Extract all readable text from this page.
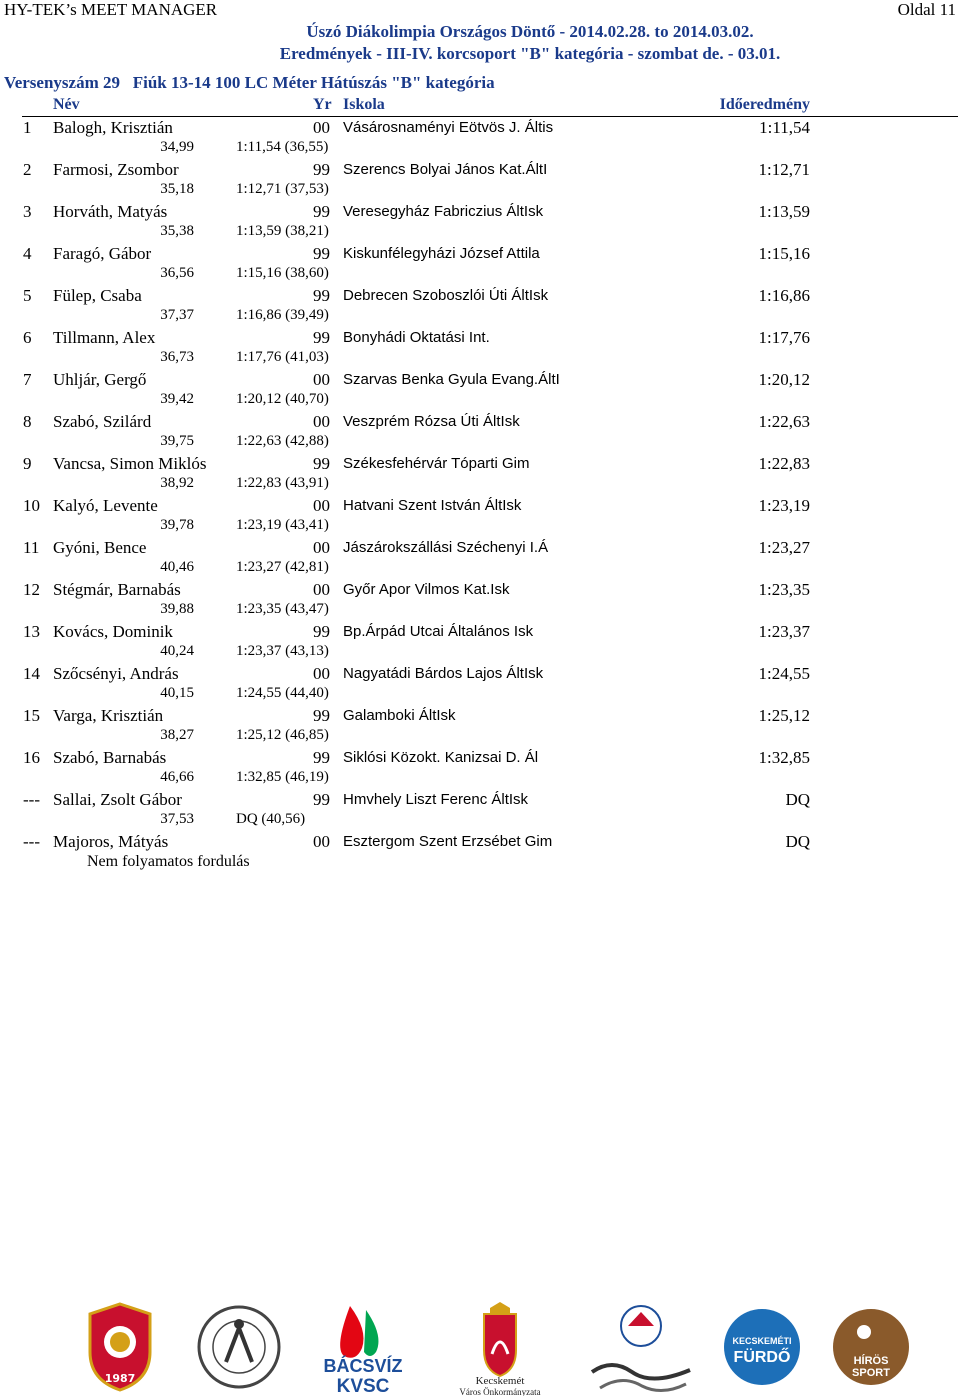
HY-TEK’s MEET MANAGER	Oldal 11
Úszó Diákolimpia Országos Döntő - 2014.02.28. to 2014.03.02.
Eredmények - III-IV. korcsoport "B" kategória - szombat de. - 03.01.
Versenyszám 29   Fiúk 13-14 100 LC Méter Hátúszás "B" kategória
Név	Yr Iskola	Időeredmény
1	Balogh, Krisztián	00 Vásárosnaményi Eötvös J. Áltis	1:11,54
34,99	1:11,54 (36,55)
2	Farmosi, Zsombor	99 Szerencs Bolyai János Kat.ÁltI	1:12,71
35,18	1:12,71 (37,53)
3	Horváth, Matyás	99 Veresegyház Fabriczius ÁltIsk	1:13,59
35,38	1:13,59 (38,21)
4	Faragó, Gábor	99 Kiskunfélegyházi József Attila	1:15,16
36,56	1:15,16 (38,60)
5	Fülep, Csaba	99 Debrecen Szoboszlói Úti ÁltIsk	1:16,86
37,37	1:16,86 (39,49)
6	Tillmann, Alex	99 Bonyhádi Oktatási Int.	1:17,76
36,73	1:17,76 (41,03)
7	Uhljár, Gergő	00 Szarvas Benka Gyula Evang.ÁltI	1:20,12
39,42	1:20,12 (40,70)
8	Szabó, Szilárd	00 Veszprém Rózsa Úti ÁltIsk	1:22,63
39,75	1:22,63 (42,88)
9	Vancsa, Simon Miklós	99 Székesfehérvár Tóparti Gim	1:22,83
38,92	1:22,83 (43,91)
10 Kalyó, Levente	00 Hatvani Szent István ÁltIsk	1:23,19
39,78	1:23,19 (43,41)
11 Gyóni, Bence	00 Jászárokszállási Széchenyi I.Á	1:23,27
40,46	1:23,27 (42,81)
12 Stégmár, Barnabás	00 Győr Apor Vilmos Kat.Isk	1:23,35
39,88	1:23,35 (43,47)
13 Kovács, Dominik	99 Bp.Árpád Utcai Általános Isk	1:23,37
40,24	1:23,37 (43,13)
14 Szőcsényi, András	00 Nagyatádi Bárdos Lajos ÁltIsk	1:24,55
40,15	1:24,55 (44,40)
15 Varga, Krisztián	99 Galamboki ÁltIsk	1:25,12
38,27	1:25,12 (46,85)
16 Szabó, Barnabás	99 Siklósi Közokt. Kanizsai D. Ál	1:32,85
46,66	1:32,85 (46,19)
--- Sallai, Zsolt Gábor	99 Hmvhely Liszt Ferenc ÁltIsk	DQ
37,53	DQ (40,56)
--- Majoros, Mátyás	00 Esztergom Szent Erzsébet Gim	DQ
Nem folyamatos fordulás
1987
BÁCSVÍZ
KVSC	Kecskemét
Város Önkormányzata
KECSKEMÉTI
FÜRDŐ	HÍRÖS
SPORT
